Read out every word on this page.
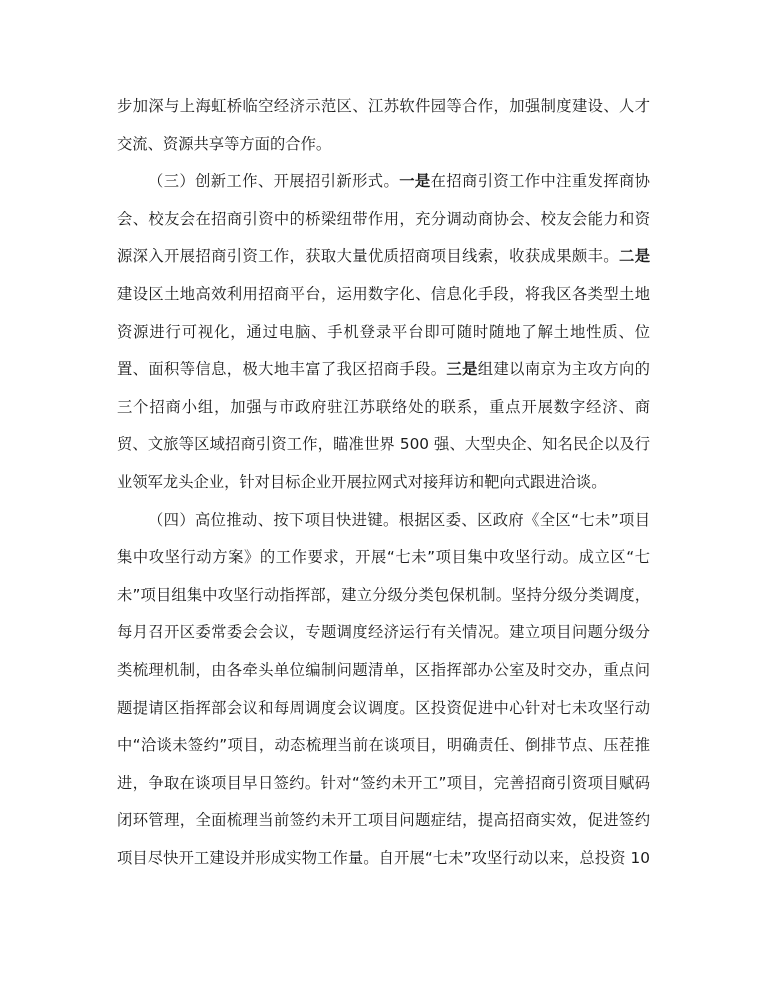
步加深与上海虹桥临空经济示范区、江苏软件园等合作，加强制度建设、人才
交流、资源共享等方面的合作。
（三）创新工作、开展招引新形式。一是在招商引资工作中注重发挥商协
会、校友会在招商引资中的桥梁纽带作用，充分调动商协会、校友会能力和资
源深入开展招商引资工作，获取大量优质招商项目线索，收获成果颇丰。二是
建设区土地高效利用招商平台，运用数字化、信息化手段，将我区各类型土地
资源进行可视化，通过电脑、手机登录平台即可随时随地了解土地性质、位
置、面积等信息，极大地丰富了我区招商手段。三是组建以南京为主攻方向的
三个招商小组，加强与市政府驻江苏联络处的联系，重点开展数字经济、商
贸、文旅等区域招商引资工作，瞄准世界 500 强、大型央企、知名民企以及行
业领军龙头企业，针对目标企业开展拉网式对接拜访和靶向式跟进洽谈。
（四）高位推动、按下项目快进键。根据区委、区政府《全区“七未”项目
集中攻坚行动方案》的工作要求，开展“七未”项目集中攻坚行动。成立区“七
未”项目组集中攻坚行动指挥部，建立分级分类包保机制。坚持分级分类调度，
每月召开区委常委会会议，专题调度经济运行有关情况。建立项目问题分级分
类梳理机制，由各牵头单位编制问题清单，区指挥部办公室及时交办，重点问
题提请区指挥部会议和每周调度会议调度。区投资促进中心针对七未攻坚行动
中“洽谈未签约”项目，动态梳理当前在谈项目，明确责任、倒排节点、压茬推
进，争取在谈项目早日签约。针对“签约未开工”项目，完善招商引资项目赋码
闭环管理，全面梳理当前签约未开工项目问题症结，提高招商实效，促进签约
项目尽快开工建设并形成实物工作量。自开展“七未”攻坚行动以来，总投资 10
